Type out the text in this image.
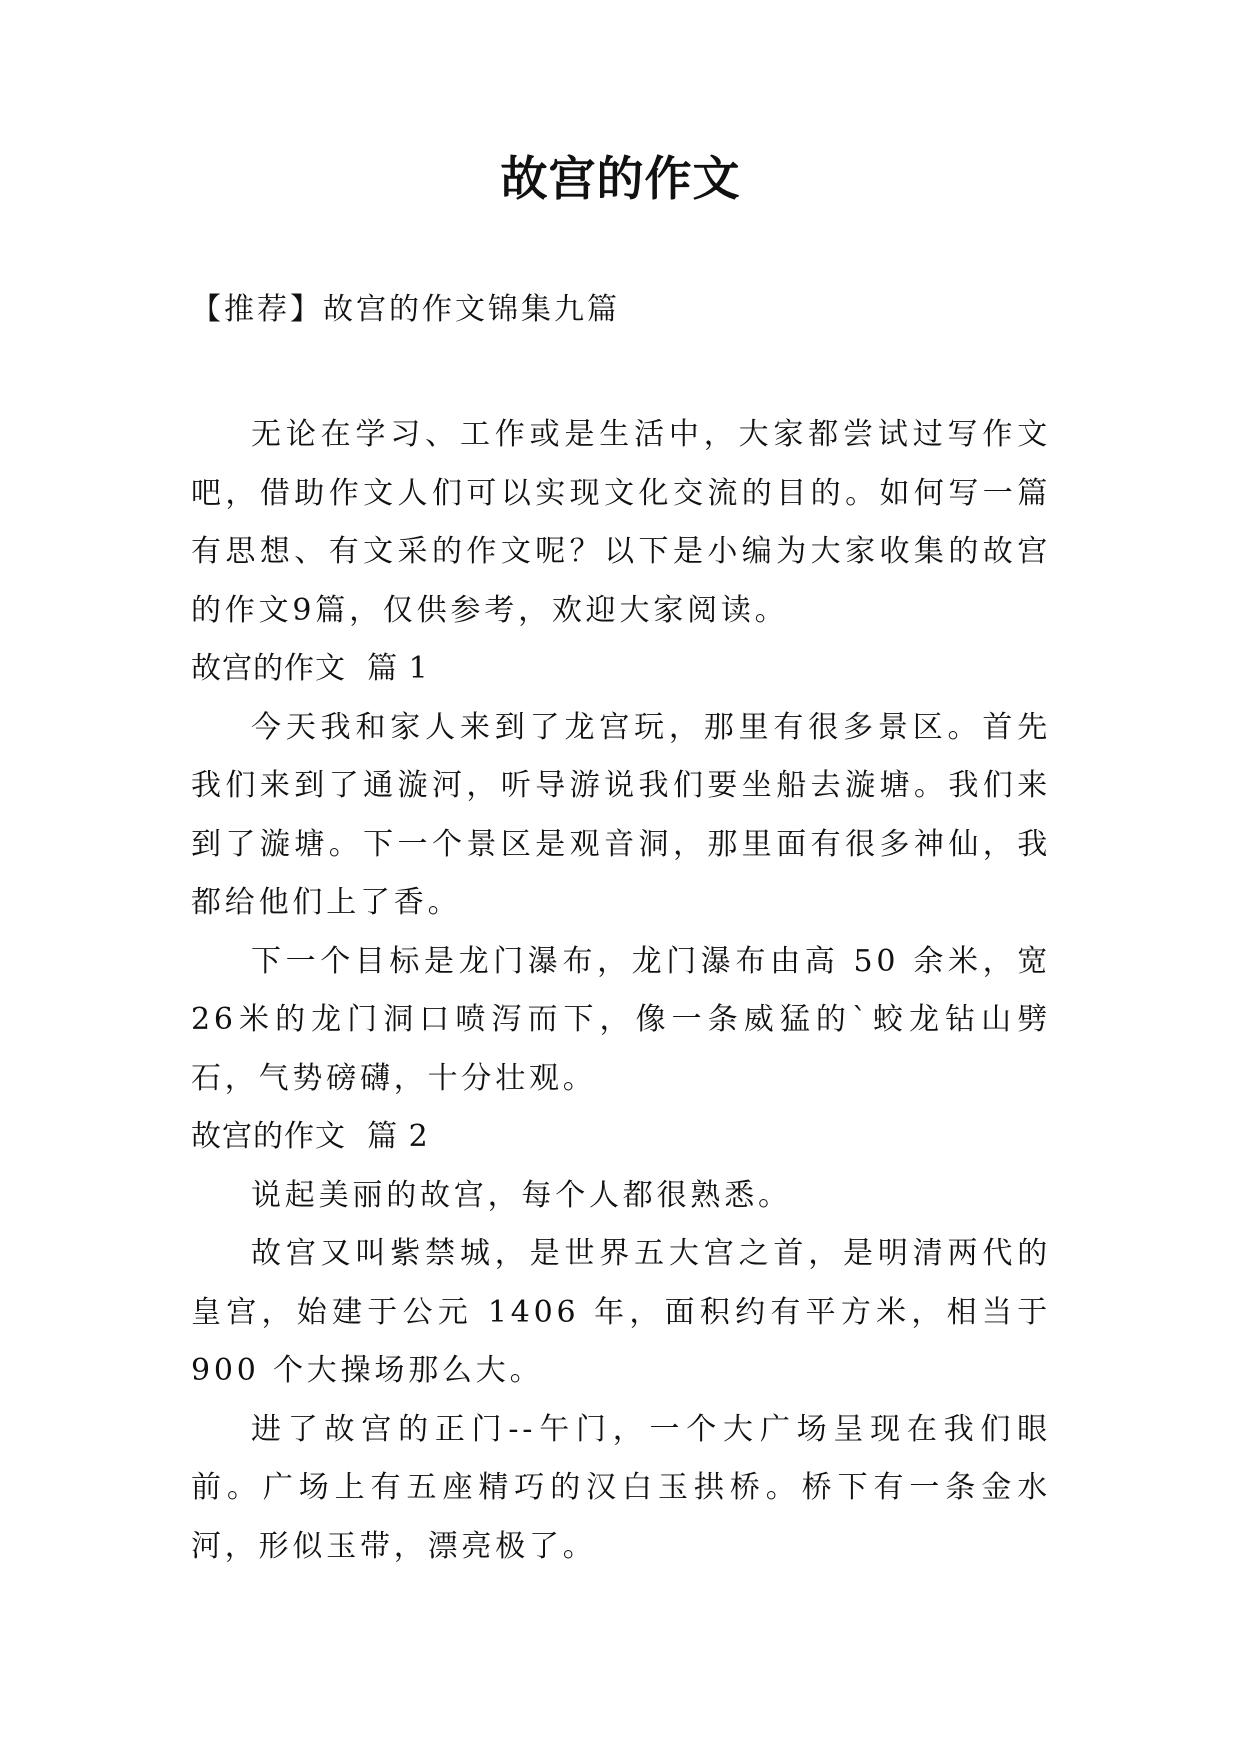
故宫的作文
【推荐】故宫的作文锦集九篇

无论在学习、工作或是生活中，大家都尝试过写作文吧，借助作文人们可以实现文化交流的目的。如何写一篇有思想、有文采的作文呢？以下是小编为大家收集的故宫的作文9篇，仅供参考，欢迎大家阅读。

故宫的作文  篇 1

今天我和家人来到了龙宫玩，那里有很多景区。首先我们来到了通漩河，听导游说我们要坐船去漩塘。我们来到了漩塘。下一个景区是观音洞，那里面有很多神仙，我都给他们上了香。

下一个目标是龙门瀑布，龙门瀑布由高 50 余米，宽 26米的龙门洞口喷泻而下，像一条威猛的`蛟龙钻山劈石，气势磅礴，十分壮观。

故宫的作文  篇 2

说起美丽的故宫，每个人都很熟悉。

故宫又叫紫禁城，是世界五大宫之首，是明清两代的皇宫，始建于公元 1406 年，面积约有平方米，相当于 900 个大操场那么大。

进了故宫的正门--午门，一个大广场呈现在我们眼前。广场上有五座精巧的汉白玉拱桥。桥下有一条金水河，形似玉带，漂亮极了。
